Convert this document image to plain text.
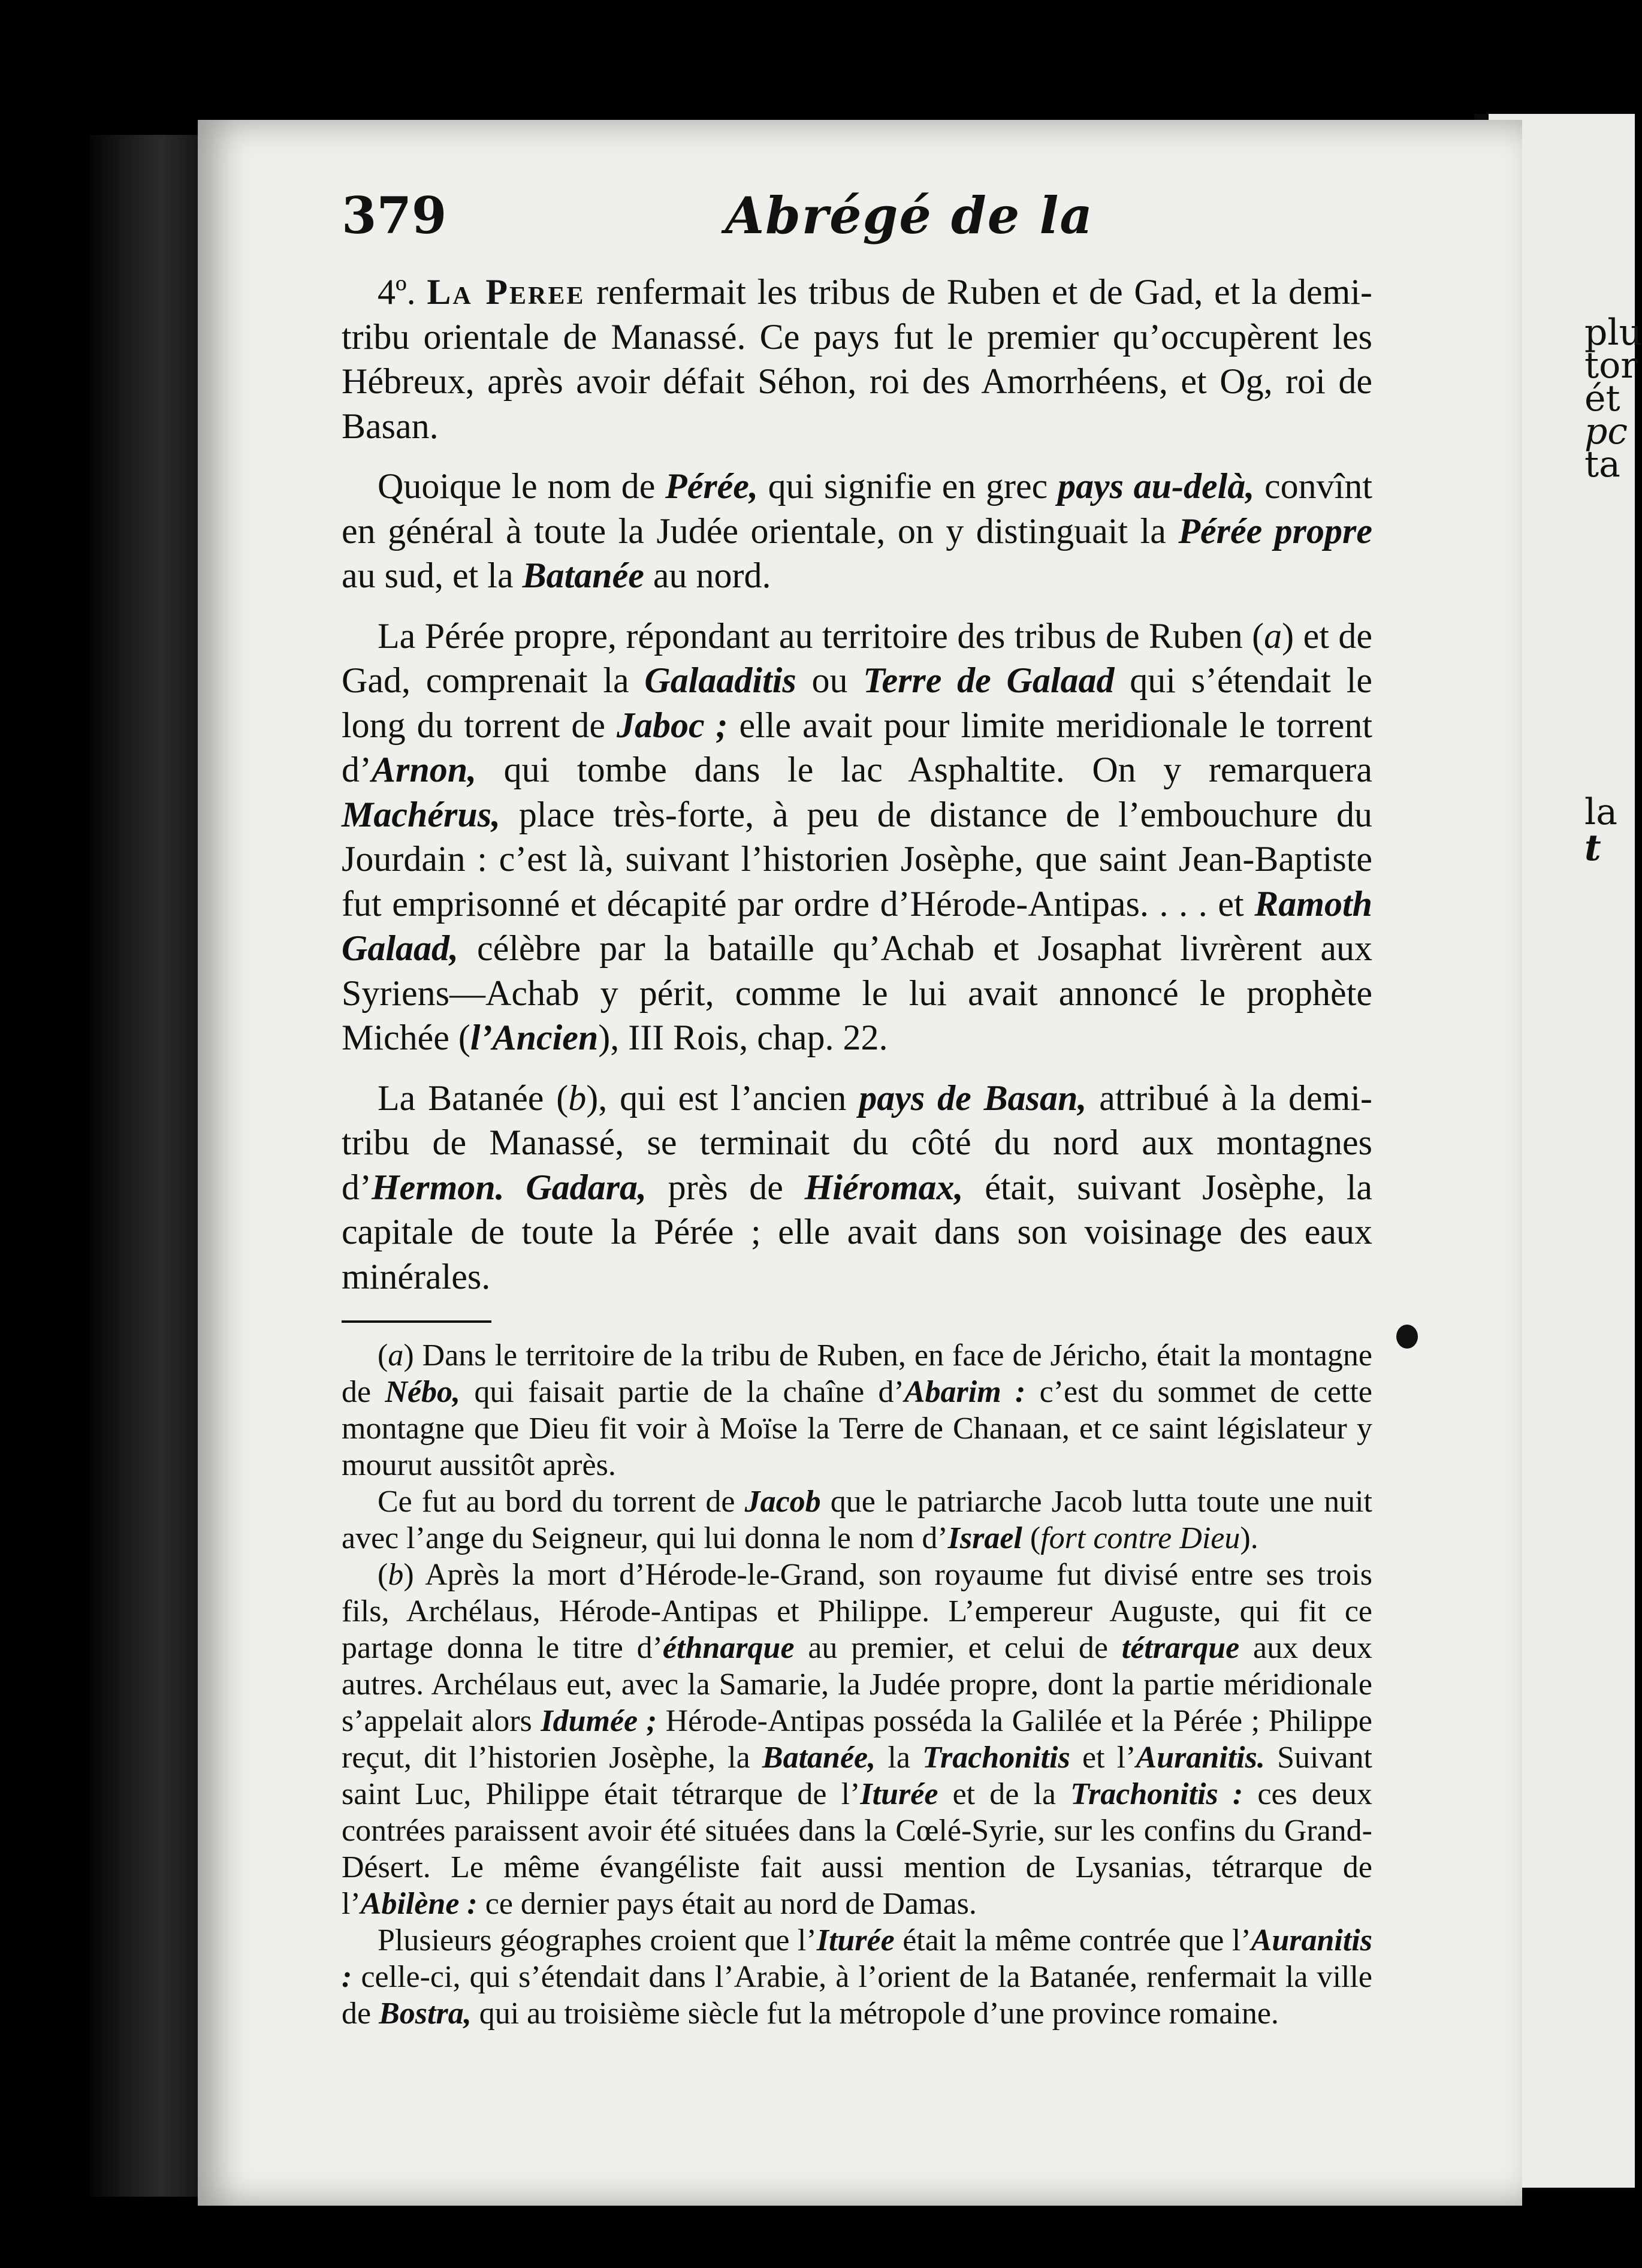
plu
tor
ét
pc
ta
la
t
379	Abrégé de la

4º. La Peree renfermait les tribus de Ruben et de Gad, et la demi-tribu orientale de Manassé. Ce pays fut le premier qu’occupèrent les Hébreux, après avoir défait Séhon, roi des Amorrhéens, et Og, roi de Basan.

Quoique le nom de Pérée, qui signifie en grec pays au-delà, convînt en général à toute la Judée orientale, on y distinguait la Pérée propre au sud, et la Batanée au nord.

La Pérée propre, répondant au territoire des tribus de Ruben (a) et de Gad, comprenait la Galaaditis ou Terre de Galaad qui s’étendait le long du torrent de Jaboc ; elle avait pour limite meridionale le torrent d’Arnon, qui tombe dans le lac Asphaltite. On y remarquera Machérus, place très-forte, à peu de distance de l’embouchure du Jourdain : c’est là, suivant l’historien Josèphe, que saint Jean-Baptiste fut emprisonné et décapité par ordre d’Hérode-Antipas. . . . et Ramoth Galaad, célèbre par la bataille qu’Achab et Josaphat livrèrent aux Syriens—Achab y périt, comme le lui avait annoncé le prophète Michée (l’Ancien), III Rois, chap. 22.

La Batanée (b), qui est l’ancien pays de Basan, attribué à la demi-tribu de Manassé, se terminait du côté du nord aux montagnes d’Hermon. Gadara, près de Hiéromax, était, suivant Josèphe, la capitale de toute la Pérée ; elle avait dans son voisinage des eaux minérales.

(a) Dans le territoire de la tribu de Ruben, en face de Jéricho, était la montagne de Nébo, qui faisait partie de la chaîne d’Abarim : c’est du sommet de cette montagne que Dieu fit voir à Moïse la Terre de Chanaan, et ce saint législateur y mourut aussitôt après.

Ce fut au bord du torrent de Jacob que le patriarche Jacob lutta toute une nuit avec l’ange du Seigneur, qui lui donna le nom d’Israel (fort contre Dieu).

(b) Après la mort d’Hérode-le-Grand, son royaume fut divisé entre ses trois fils, Archélaus, Hérode-Antipas et Philippe. L’empereur Auguste, qui fit ce partage donna le titre d’éthnarque au premier, et celui de tétrarque aux deux autres. Archélaus eut, avec la Samarie, la Judée propre, dont la partie méridionale s’appelait alors Idumée ; Hérode-Antipas posséda la Galilée et la Pérée ; Philippe reçut, dit l’historien Josèphe, la Batanée, la Trachonitis et l’Auranitis. Suivant saint Luc, Philippe était tétrarque de l’Iturée et de la Trachonitis : ces deux contrées paraissent avoir été situées dans la Cœlé-Syrie, sur les confins du Grand-Désert. Le même évangéliste fait aussi mention de Lysanias, tétrarque de l’Abilène : ce dernier pays était au nord de Damas.

Plusieurs géographes croient que l’Iturée était la même contrée que l’Auranitis : celle-ci, qui s’étendait dans l’Arabie, à l’orient de la Batanée, renfermait la ville de Bostra, qui au troisième siècle fut la métropole d’une province romaine.
